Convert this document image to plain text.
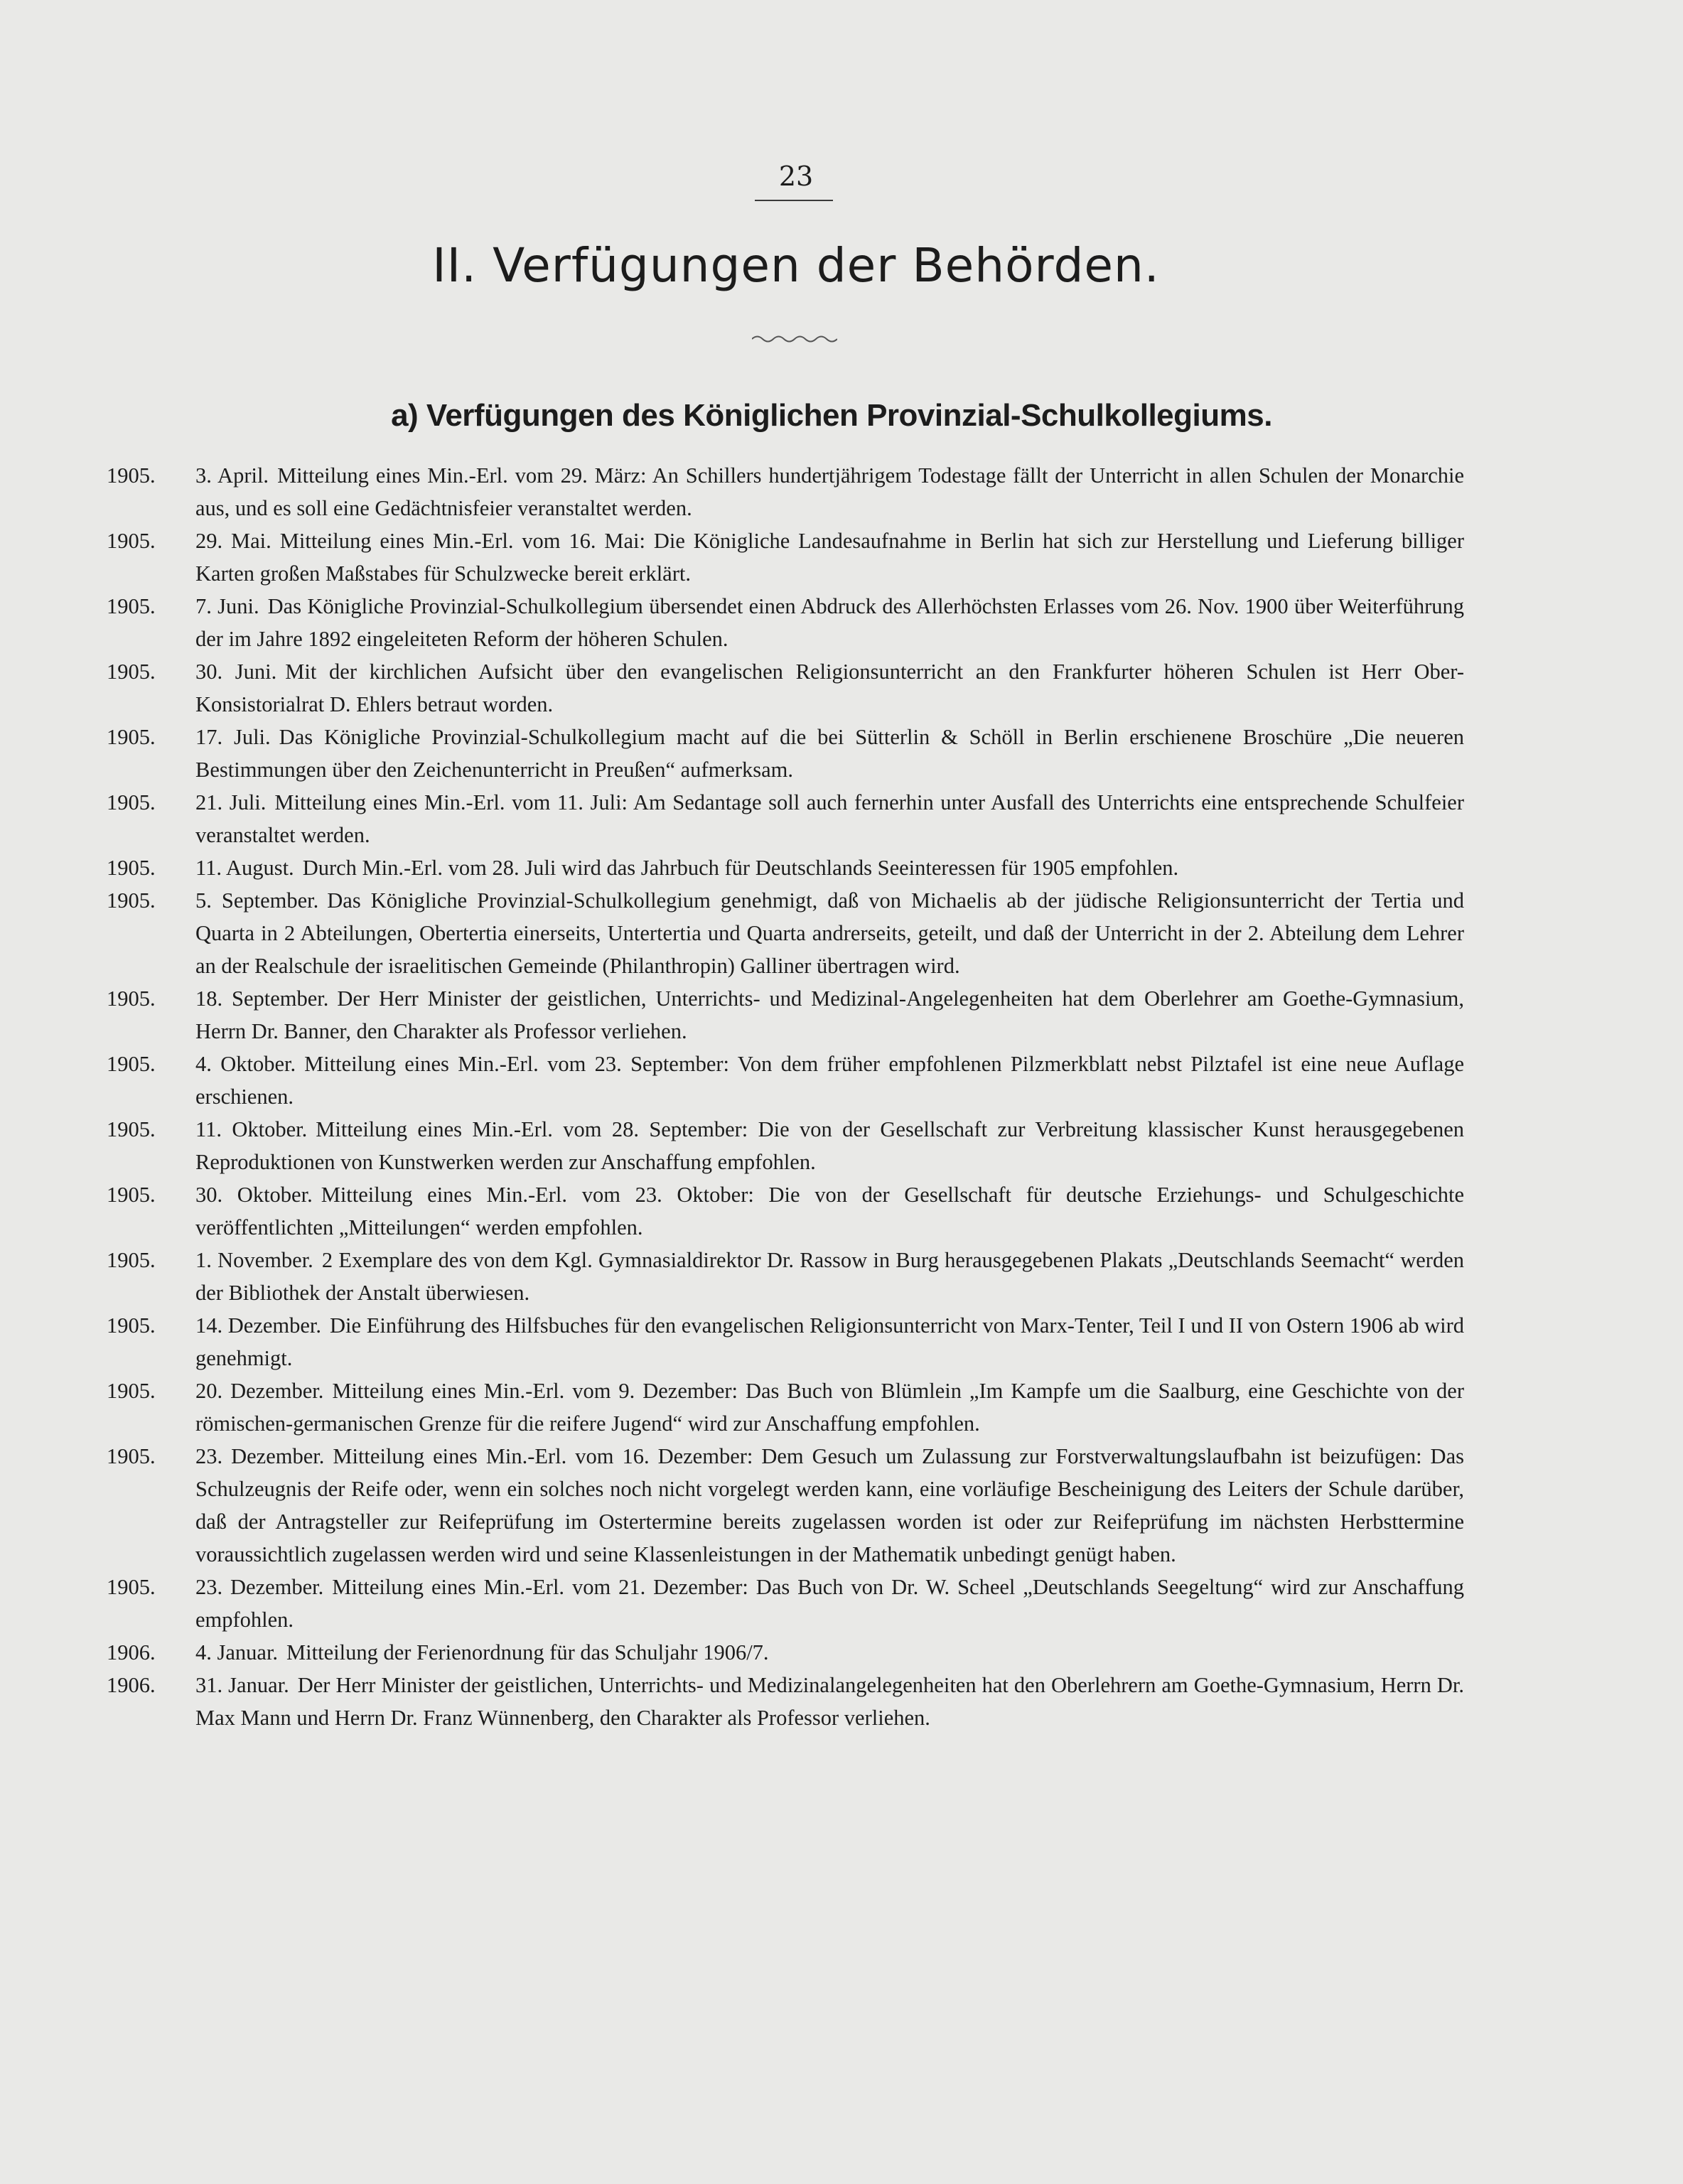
23
II. Verfügungen der Behörden.
a) Verfügungen des Königlichen Provinzial-Schulkollegiums.
1905.	3. April. Mitteilung eines Min.-Erl. vom 29. März: An Schillers hundertjährigem Todestage fällt der Unterricht in allen Schulen der Monarchie aus, und es soll eine Gedächtnisfeier veranstaltet werden.
1905.	29. Mai. Mitteilung eines Min.-Erl. vom 16. Mai: Die Königliche Landesaufnahme in Berlin hat sich zur Herstellung und Lieferung billiger Karten großen Maßstabes für Schulzwecke bereit erklärt.
1905.	7. Juni. Das Königliche Provinzial-Schulkollegium übersendet einen Abdruck des Allerhöchsten Erlasses vom 26. Nov. 1900 über Weiterführung der im Jahre 1892 eingeleiteten Reform der höheren Schulen.
1905.	30. Juni. Mit der kirchlichen Aufsicht über den evangelischen Religionsunterricht an den Frankfurter höheren Schulen ist Herr Ober-Konsistorialrat D. Ehlers betraut worden.
1905.	17. Juli. Das Königliche Provinzial-Schulkollegium macht auf die bei Sütterlin & Schöll in Berlin erschienene Broschüre „Die neueren Bestimmungen über den Zeichenunterricht in Preußen“ aufmerksam.
1905.	21. Juli. Mitteilung eines Min.-Erl. vom 11. Juli: Am Sedantage soll auch fernerhin unter Ausfall des Unterrichts eine entsprechende Schulfeier veranstaltet werden.
1905.	11. August. Durch Min.-Erl. vom 28. Juli wird das Jahrbuch für Deutschlands Seeinteressen für 1905 empfohlen.
1905.	5. September. Das Königliche Provinzial-Schulkollegium genehmigt, daß von Michaelis ab der jüdische Religionsunterricht der Tertia und Quarta in 2 Abteilungen, Obertertia einerseits, Untertertia und Quarta andrerseits, geteilt, und daß der Unterricht in der 2. Abteilung dem Lehrer an der Realschule der israelitischen Gemeinde (Philanthropin) Galliner übertragen wird.
1905.	18. September. Der Herr Minister der geistlichen, Unterrichts- und Medizinal-Angelegenheiten hat dem Oberlehrer am Goethe-Gymnasium, Herrn Dr. Banner, den Charakter als Professor verliehen.
1905.	4. Oktober. Mitteilung eines Min.-Erl. vom 23. September: Von dem früher empfohlenen Pilzmerkblatt nebst Pilztafel ist eine neue Auflage erschienen.
1905.	11. Oktober. Mitteilung eines Min.-Erl. vom 28. September: Die von der Gesellschaft zur Verbreitung klassischer Kunst herausgegebenen Reproduktionen von Kunstwerken werden zur Anschaffung empfohlen.
1905.	30. Oktober. Mitteilung eines Min.-Erl. vom 23. Oktober: Die von der Gesellschaft für deutsche Erziehungs- und Schulgeschichte veröffentlichten „Mitteilungen“ werden empfohlen.
1905.	1. November. 2 Exemplare des von dem Kgl. Gymnasialdirektor Dr. Rassow in Burg herausgegebenen Plakats „Deutschlands Seemacht“ werden der Bibliothek der Anstalt überwiesen.
1905.	14. Dezember. Die Einführung des Hilfsbuches für den evangelischen Religionsunterricht von Marx-Tenter, Teil I und II von Ostern 1906 ab wird genehmigt.
1905.	20. Dezember. Mitteilung eines Min.-Erl. vom 9. Dezember: Das Buch von Blümlein „Im Kampfe um die Saalburg, eine Geschichte von der römischen-germanischen Grenze für die reifere Jugend“ wird zur Anschaffung empfohlen.
1905.	23. Dezember. Mitteilung eines Min.-Erl. vom 16. Dezember: Dem Gesuch um Zulassung zur Forstverwaltungslaufbahn ist beizufügen: Das Schulzeugnis der Reife oder, wenn ein solches noch nicht vorgelegt werden kann, eine vorläufige Bescheinigung des Leiters der Schule darüber, daß der Antragsteller zur Reifeprüfung im Ostertermine bereits zugelassen worden ist oder zur Reifeprüfung im nächsten Herbsttermine voraussichtlich zugelassen werden wird und seine Klassenleistungen in der Mathematik unbedingt genügt haben.
1905.	23. Dezember. Mitteilung eines Min.-Erl. vom 21. Dezember: Das Buch von Dr. W. Scheel „Deutschlands Seegeltung“ wird zur Anschaffung empfohlen.
1906.	4. Januar. Mitteilung der Ferienordnung für das Schuljahr 1906/7.
1906.	31. Januar. Der Herr Minister der geistlichen, Unterrichts- und Medizinalangelegenheiten hat den Oberlehrern am Goethe-Gymnasium, Herrn Dr. Max Mann und Herrn Dr. Franz Wünnenberg, den Charakter als Professor verliehen.
